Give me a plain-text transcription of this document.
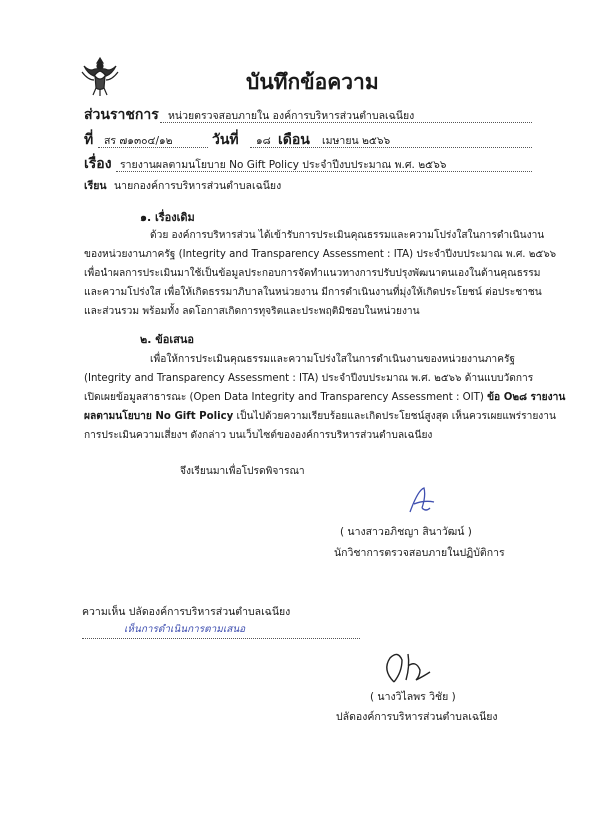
บันทึกข้อความ
ส่วนราชการ หน่วยตรวจสอบภายใน องค์การบริหารส่วนตำบลเฉนียง
ที่ สร ๗๑๓๐๔/๑๒	วันที่ ๑๘ เดือน เมษายน ๒๕๖๖
เรื่อง รายงานผลตามนโยบาย No Gift Policy ประจำปีงบประมาณ พ.ศ. ๒๕๖๖
เรียน นายกองค์การบริหารส่วนตำบลเฉนียง
๑. เรื่องเดิม
ด้วย องค์การบริหารส่วน ได้เข้ารับการประเมินคุณธรรมและความโปร่งใสในการดำเนินงาน
ของหน่วยงานภาครัฐ (Integrity and Transparency Assessment : ITA) ประจำปีงบประมาณ พ.ศ. ๒๕๖๖
เพื่อนำผลการประเมินมาใช้เป็นข้อมูลประกอบการจัดทำแนวทางการปรับปรุงพัฒนาตนเองในด้านคุณธรรม
และความโปร่งใส เพื่อให้เกิดธรรมาภิบาลในหน่วยงาน มีการดำเนินงานที่มุ่งให้เกิดประโยชน์ ต่อประชาชน
และส่วนรวม พร้อมทั้ง ลดโอกาสเกิดการทุจริตและประพฤติมิชอบในหน่วยงาน
๒. ข้อเสนอ
เพื่อให้การประเมินคุณธรรมและความโปร่งใสในการดำเนินงานของหน่วยงานภาครัฐ
(Integrity and Transparency Assessment : ITA) ประจำปีงบประมาณ พ.ศ. ๒๕๖๖ ด้านแบบวัดการ
เปิดเผยข้อมูลสาธารณะ (Open Data Integrity and Transparency Assessment : OIT) ข้อ O๒๘ รายงาน
ผลตามนโยบาย No Gift Policy เป็นไปด้วยความเรียบร้อยและเกิดประโยชน์สูงสุด เห็นควรเผยแพร่รายงาน
การประเมินความเสี่ยงฯ ดังกล่าว บนเว็บไซต์ขององค์การบริหารส่วนตำบลเฉนียง
จึงเรียนมาเพื่อโปรดพิจารณา
( นางสาวอภิชญา สินาวัฒน์ )
นักวิชาการตรวจสอบภายในปฏิบัติการ
ความเห็น ปลัดองค์การบริหารส่วนตำบลเฉนียง
เห็นการดำเนินการตามเสนอ
( นางวิไลพร วิชัย )
ปลัดองค์การบริหารส่วนตำบลเฉนียง
